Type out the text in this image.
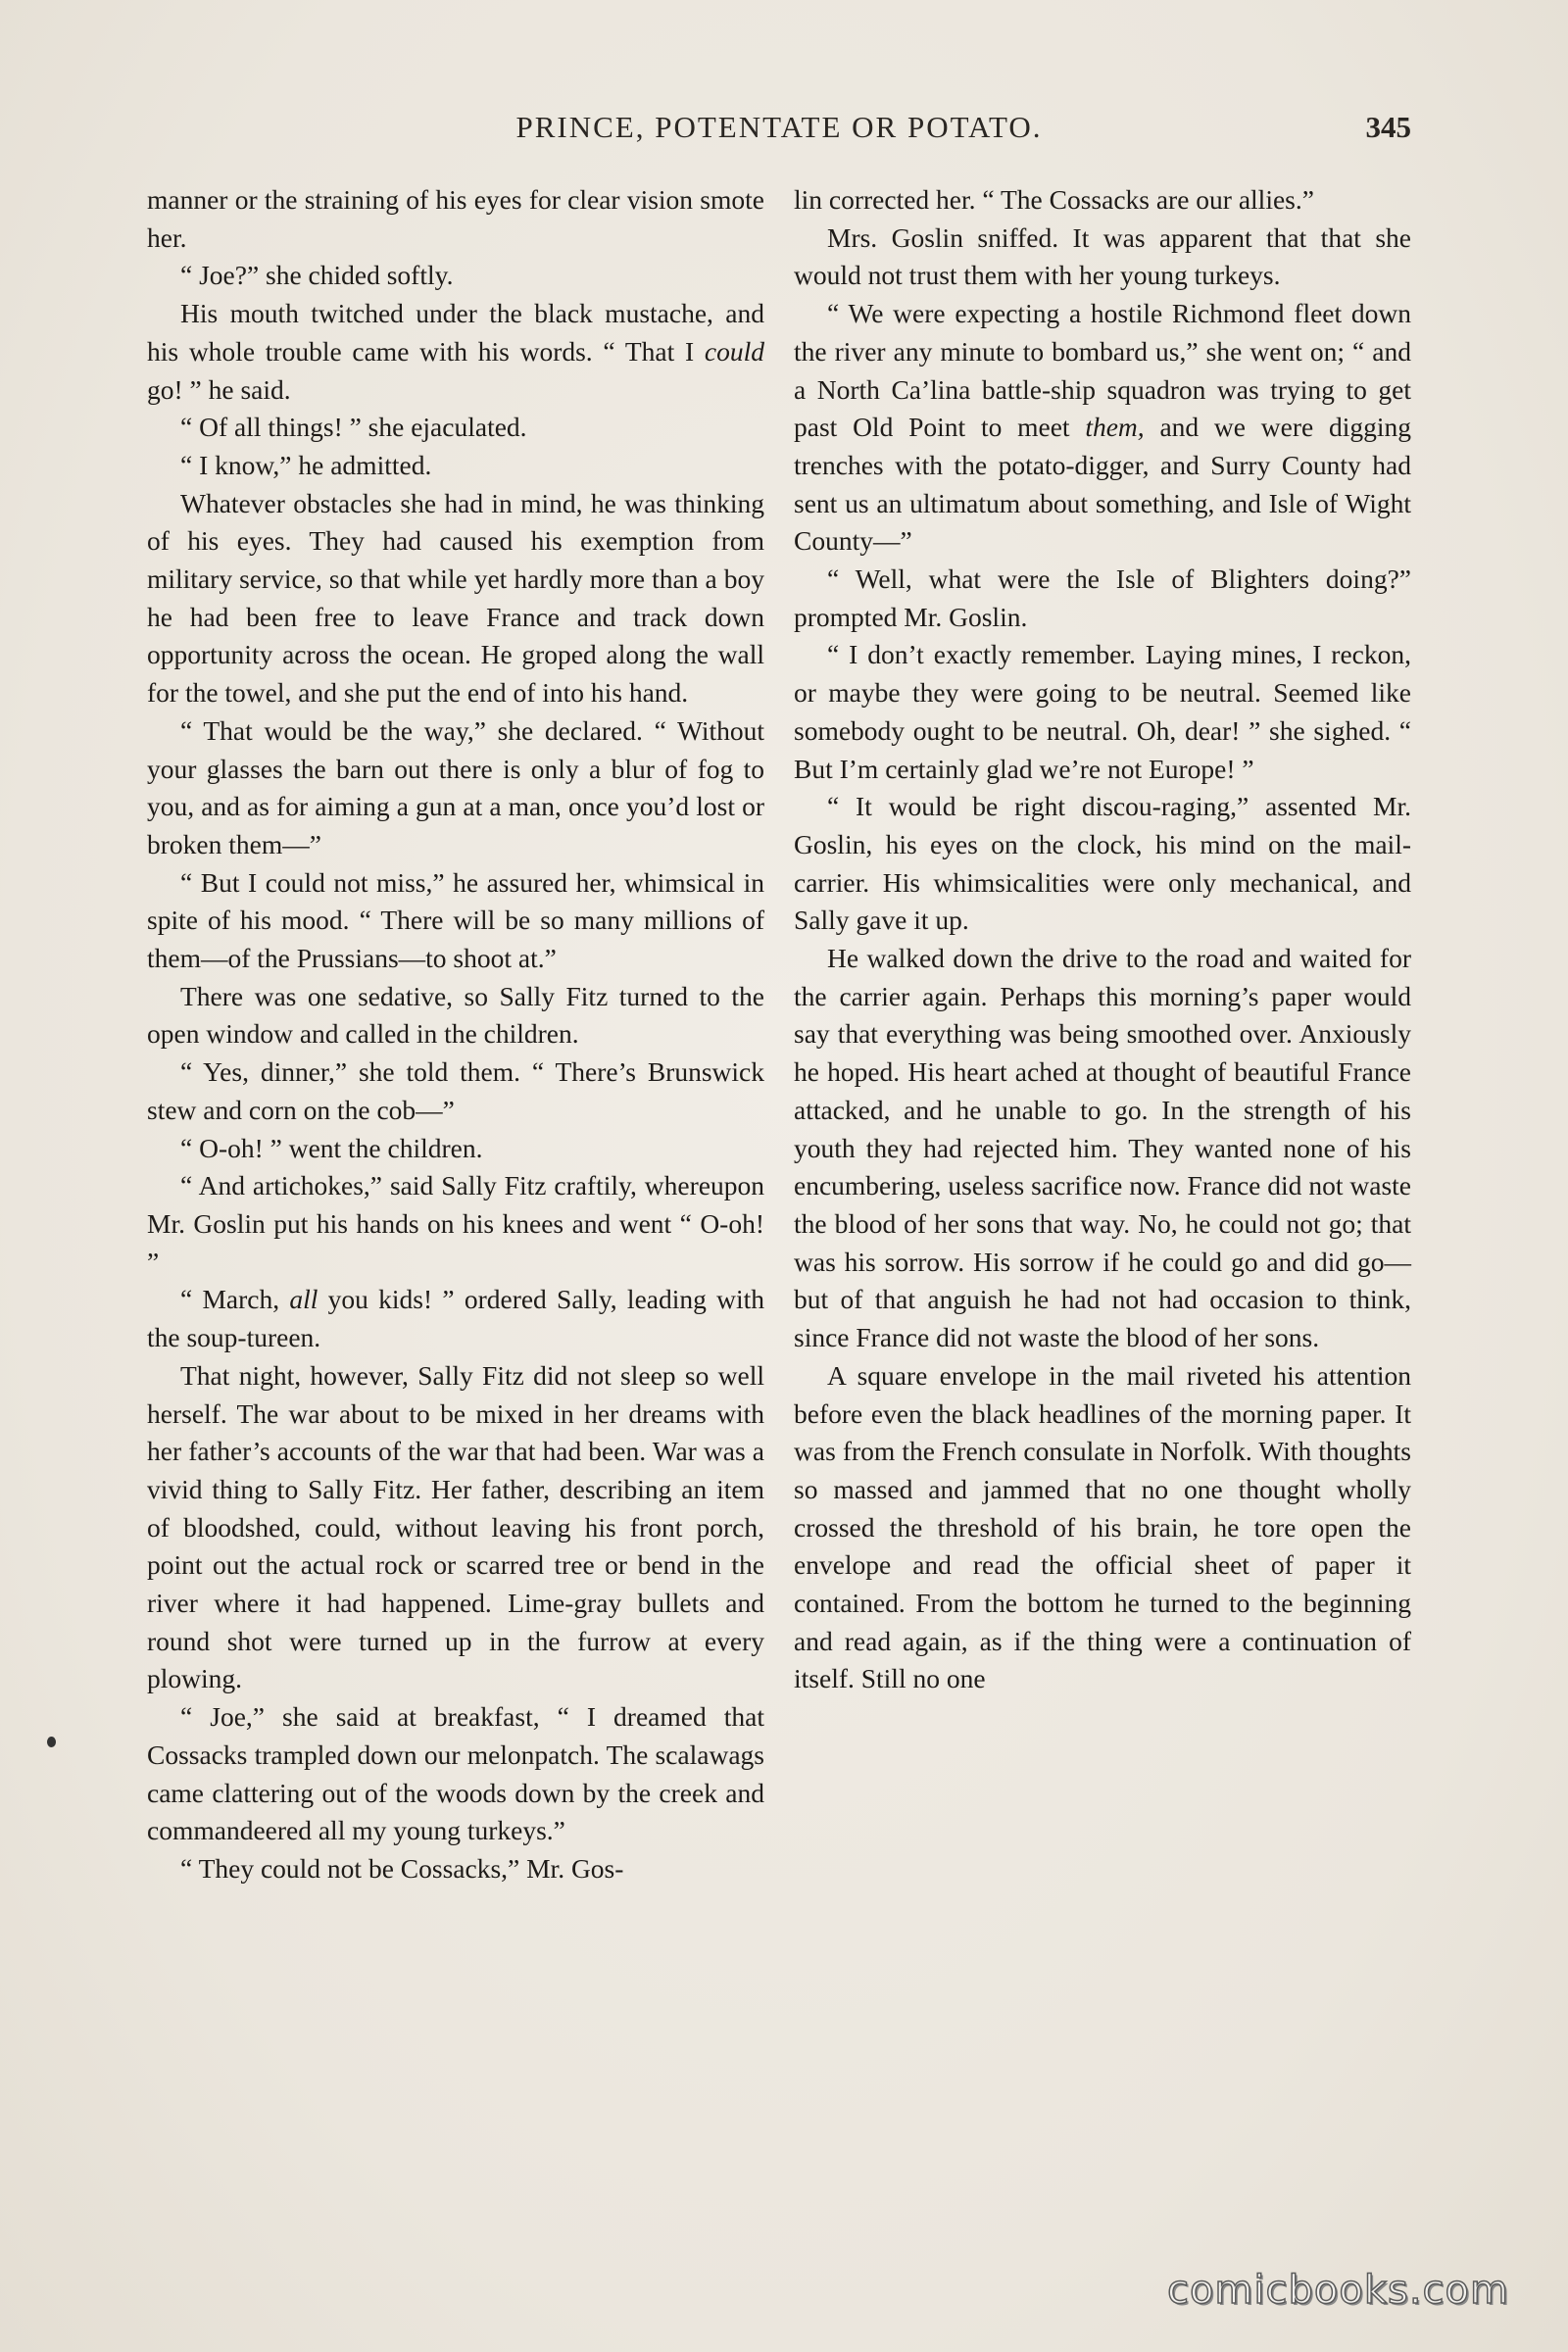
PRINCE, POTENTATE OR POTATO.	345

manner or the straining of his eyes for clear vision smote her.

“ Joe?” she chided softly.

His mouth twitched under the black mustache, and his whole trouble came with his words. “ That I could go! ” he said.

“ Of all things! ” she ejaculated.

“ I know,” he admitted.

Whatever obstacles she had in mind, he was thinking of his eyes. They had caused his exemption from military service, so that while yet hardly more than a boy he had been free to leave France and track down opportunity across the ocean. He groped along the wall for the towel, and she put the end of into his hand.

“ That would be the way,” she declared. “ Without your glasses the barn out there is only a blur of fog to you, and as for aiming a gun at a man, once you’d lost or broken them—”

“ But I could not miss,” he assured her, whimsical in spite of his mood. “ There will be so many millions of them—of the Prussians—to shoot at.”

There was one sedative, so Sally Fitz turned to the open window and called in the children.

“ Yes, dinner,” she told them. “ There’s Brunswick stew and corn on the cob—”

“ O-oh! ” went the children.

“ And artichokes,” said Sally Fitz craftily, whereupon Mr. Goslin put his hands on his knees and went “ O-oh! ”

“ March, all you kids! ” ordered Sally, leading with the soup-tureen.

That night, however, Sally Fitz did not sleep so well herself. The war about to be mixed in her dreams with her father’s accounts of the war that had been. War was a vivid thing to Sally Fitz. Her father, describing an item of bloodshed, could, without leaving his front porch, point out the actual rock or scarred tree or bend in the river where it had happened. Lime-gray bullets and round shot were turned up in the furrow at every plowing.

“ Joe,” she said at breakfast, “ I dreamed that Cossacks trampled down our melonpatch. The scalawags came clattering out of the woods down by the creek and commandeered all my young turkeys.”

“ They could not be Cossacks,” Mr. Gos-

lin corrected her. “ The Cossacks are our allies.”

Mrs. Goslin sniffed. It was apparent that that she would not trust them with her young turkeys.

“ We were expecting a hostile Richmond fleet down the river any minute to bombard us,” she went on; “ and a North Ca’lina battle-ship squadron was trying to get past Old Point to meet them, and we were digging trenches with the potato-digger, and Surry County had sent us an ultimatum about something, and Isle of Wight County—”

“ Well, what were the Isle of Blighters doing?” prompted Mr. Goslin.

“ I don’t exactly remember. Laying mines, I reckon, or maybe they were going to be neutral. Seemed like somebody ought to be neutral. Oh, dear! ” she sighed. “ But I’m certainly glad we’re not Europe! ”

“ It would be right discou-raging,” assented Mr. Goslin, his eyes on the clock, his mind on the mail-carrier. His whimsicalities were only mechanical, and Sally gave it up.

He walked down the drive to the road and waited for the carrier again. Perhaps this morning’s paper would say that everything was being smoothed over. Anxiously he hoped. His heart ached at thought of beautiful France attacked, and he unable to go. In the strength of his youth they had rejected him. They wanted none of his encumbering, useless sacrifice now. France did not waste the blood of her sons that way. No, he could not go; that was his sorrow. His sorrow if he could go and did go—but of that anguish he had not had occasion to think, since France did not waste the blood of her sons.

A square envelope in the mail riveted his attention before even the black headlines of the morning paper. It was from the French consulate in Norfolk. With thoughts so massed and jammed that no one thought wholly crossed the threshold of his brain, he tore open the envelope and read the official sheet of paper it contained. From the bottom he turned to the beginning and read again, as if the thing were a continuation of itself. Still no one

comicbooks.com
